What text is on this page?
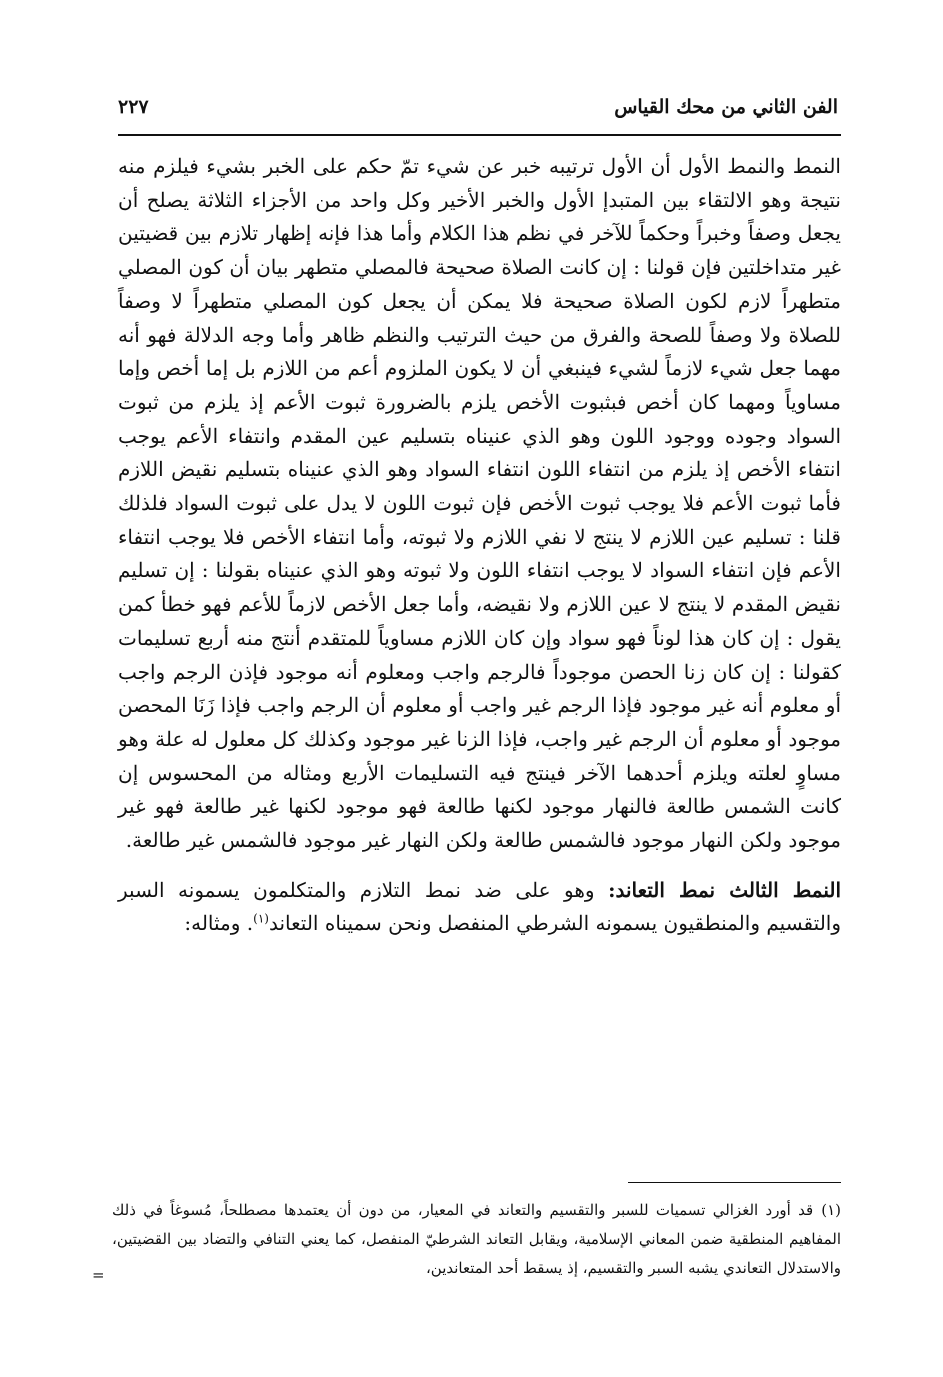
الفن الثاني من محك القياس
٢٢٧

النمط والنمط الأول أن الأول ترتيبه خبر عن شيء تمّ حكم على الخبر بشيء فيلزم منه نتيجة وهو الالتقاء بين المتبدإ الأول والخبر الأخير وكل واحد من الأجزاء الثلاثة يصلح أن يجعل وصفاً وخبراً وحكماً للآخر في نظم هذا الكلام وأما هذا فإنه إظهار تلازم بين قضيتين غير متداخلتين فإن قولنا : إن كانت الصلاة صحيحة فالمصلي متطهر بيان أن كون المصلي متطهراً لازم لكون الصلاة صحيحة فلا يمكن أن يجعل كون المصلي متطهراً لا وصفاً للصلاة ولا وصفاً للصحة والفرق من حيث الترتيب والنظم ظاهر وأما وجه الدلالة فهو أنه مهما جعل شيء لازماً لشيء فينبغي أن لا يكون الملزوم أعم من اللازم بل إما أخص وإما مساوياً ومهما كان أخص فبثبوت الأخص يلزم بالضرورة ثبوت الأعم إذ يلزم من ثبوت السواد وجوده ووجود اللون وهو الذي عنيناه بتسليم عين المقدم وانتفاء الأعم يوجب انتفاء الأخص إذ يلزم من انتفاء اللون انتفاء السواد وهو الذي عنيناه بتسليم نقيض اللازم فأما ثبوت الأعم فلا يوجب ثبوت الأخص فإن ثبوت اللون لا يدل على ثبوت السواد فلذلك قلنا : تسليم عين اللازم لا ينتج لا نفي اللازم ولا ثبوته، وأما انتفاء الأخص فلا يوجب انتفاء الأعم فإن انتفاء السواد لا يوجب انتفاء اللون ولا ثبوته وهو الذي عنيناه بقولنا : إن تسليم نقيض المقدم لا ينتج لا عين اللازم ولا نقيضه، وأما جعل الأخص لازماً للأعم فهو خطأ كمن يقول : إن كان هذا لوناً فهو سواد وإن كان اللازم مساوياً للمتقدم أنتج منه أربع تسليمات كقولنا : إن كان زنا الحصن موجوداً فالرجم واجب ومعلوم أنه موجود فإذن الرجم واجب أو معلوم أنه غير موجود فإذا الرجم غير واجب أو معلوم أن الرجم واجب فإذا زَنَا المحصن موجود أو معلوم أن الرجم غير واجب، فإذا الزنا غير موجود وكذلك كل معلول له علة وهو مساوٍ لعلته ويلزم أحدهما الآخر فينتج فيه التسليمات الأربع ومثاله من المحسوس إن كانت الشمس طالعة فالنهار موجود لكنها طالعة فهو موجود لكنها غير طالعة فهو غير موجود ولكن النهار موجود فالشمس طالعة ولكن النهار غير موجود فالشمس غير طالعة.

النمط الثالث نمط التعاند: وهو على ضد نمط التلازم والمتكلمون يسمونه السبر والتقسيم والمنطقيون يسمونه الشرطي المنفصل ونحن سميناه التعاند$^{(١)}$. ومثاله:

(١)قد أورد الغزالي تسميات للسبر والتقسيم والتعاند في المعيار، من دون أن يعتمدها مصطلحاً، مُسوغاً في ذلك المفاهيم المنطقية ضمن المعاني الإسلامية، ويقابل التعاند الشرطيّ المنفصل، كما يعني التنافي والتضاد بين القضيتين، والاستدلال التعاندي يشبه السبر والتقسيم، إذ يسقط أحد المتعاندين،

=
